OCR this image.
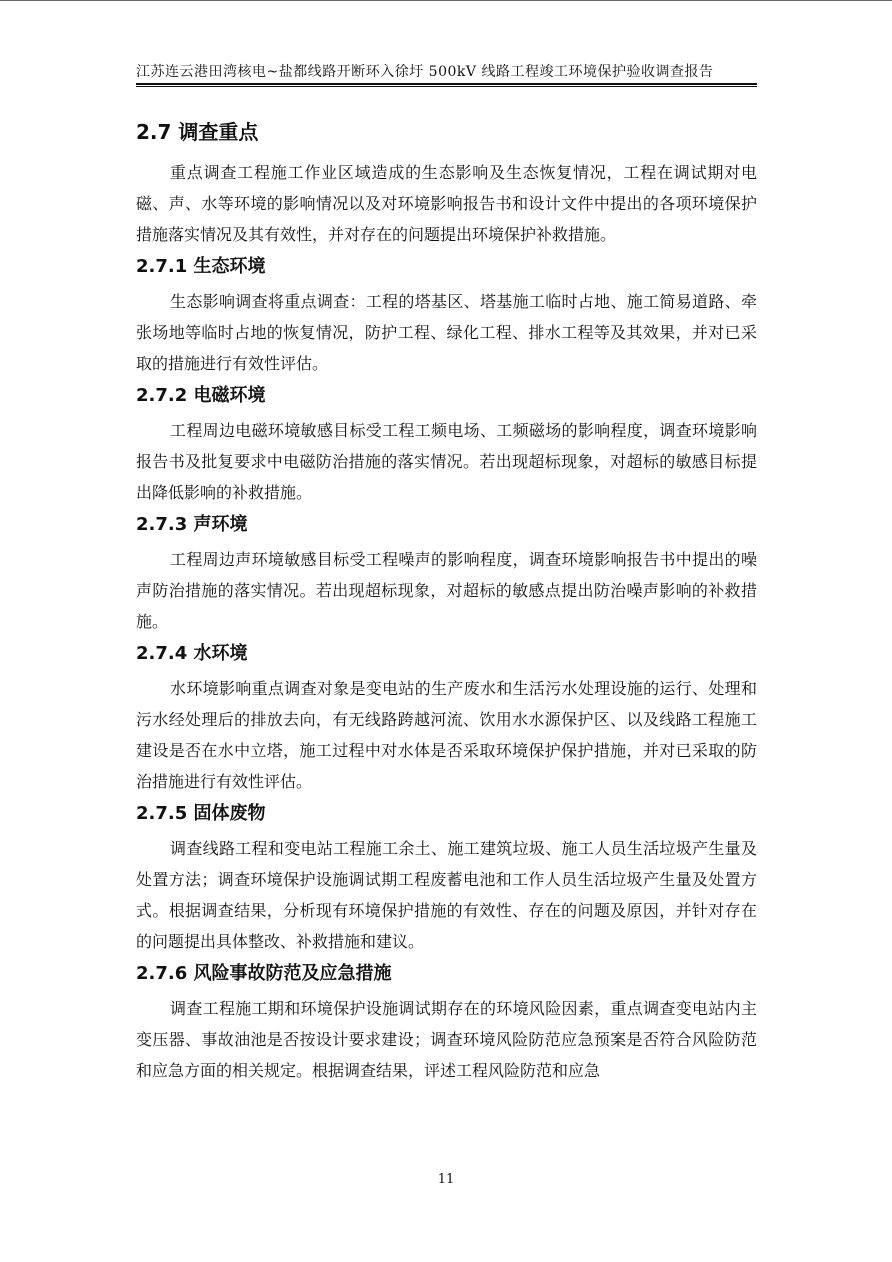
江苏连云港田湾核电~盐都线路开断环入徐圩 500kV 线路工程竣工环境保护验收调查报告
2.7 调查重点

重点调查工程施工作业区域造成的生态影响及生态恢复情况，工程在调试期对电磁、声、水等环境的影响情况以及对环境影响报告书和设计文件中提出的各项环境保护措施落实情况及其有效性，并对存在的问题提出环境保护补救措施。

2.7.1 生态环境

生态影响调查将重点调查：工程的塔基区、塔基施工临时占地、施工简易道路、牵张场地等临时占地的恢复情况，防护工程、绿化工程、排水工程等及其效果，并对已采取的措施进行有效性评估。

2.7.2 电磁环境

工程周边电磁环境敏感目标受工程工频电场、工频磁场的影响程度，调查环境影响报告书及批复要求中电磁防治措施的落实情况。若出现超标现象，对超标的敏感目标提出降低影响的补救措施。

2.7.3 声环境

工程周边声环境敏感目标受工程噪声的影响程度，调查环境影响报告书中提出的噪声防治措施的落实情况。若出现超标现象，对超标的敏感点提出防治噪声影响的补救措施。

2.7.4 水环境

水环境影响重点调查对象是变电站的生产废水和生活污水处理设施的运行、处理和污水经处理后的排放去向，有无线路跨越河流、饮用水水源保护区、以及线路工程施工建设是否在水中立塔，施工过程中对水体是否采取环境保护保护措施，并对已采取的防治措施进行有效性评估。

2.7.5 固体废物

调查线路工程和变电站工程施工余土、施工建筑垃圾、施工人员生活垃圾产生量及处置方法；调查环境保护设施调试期工程废蓄电池和工作人员生活垃圾产生量及处置方式。根据调查结果，分析现有环境保护措施的有效性、存在的问题及原因，并针对存在的问题提出具体整改、补救措施和建议。

2.7.6 风险事故防范及应急措施

调查工程施工期和环境保护设施调试期存在的环境风险因素，重点调查变电站内主变压器、事故油池是否按设计要求建设；调查环境风险防范应急预案是否符合风险防范和应急方面的相关规定。根据调查结果，评述工程风险防范和应急

11
